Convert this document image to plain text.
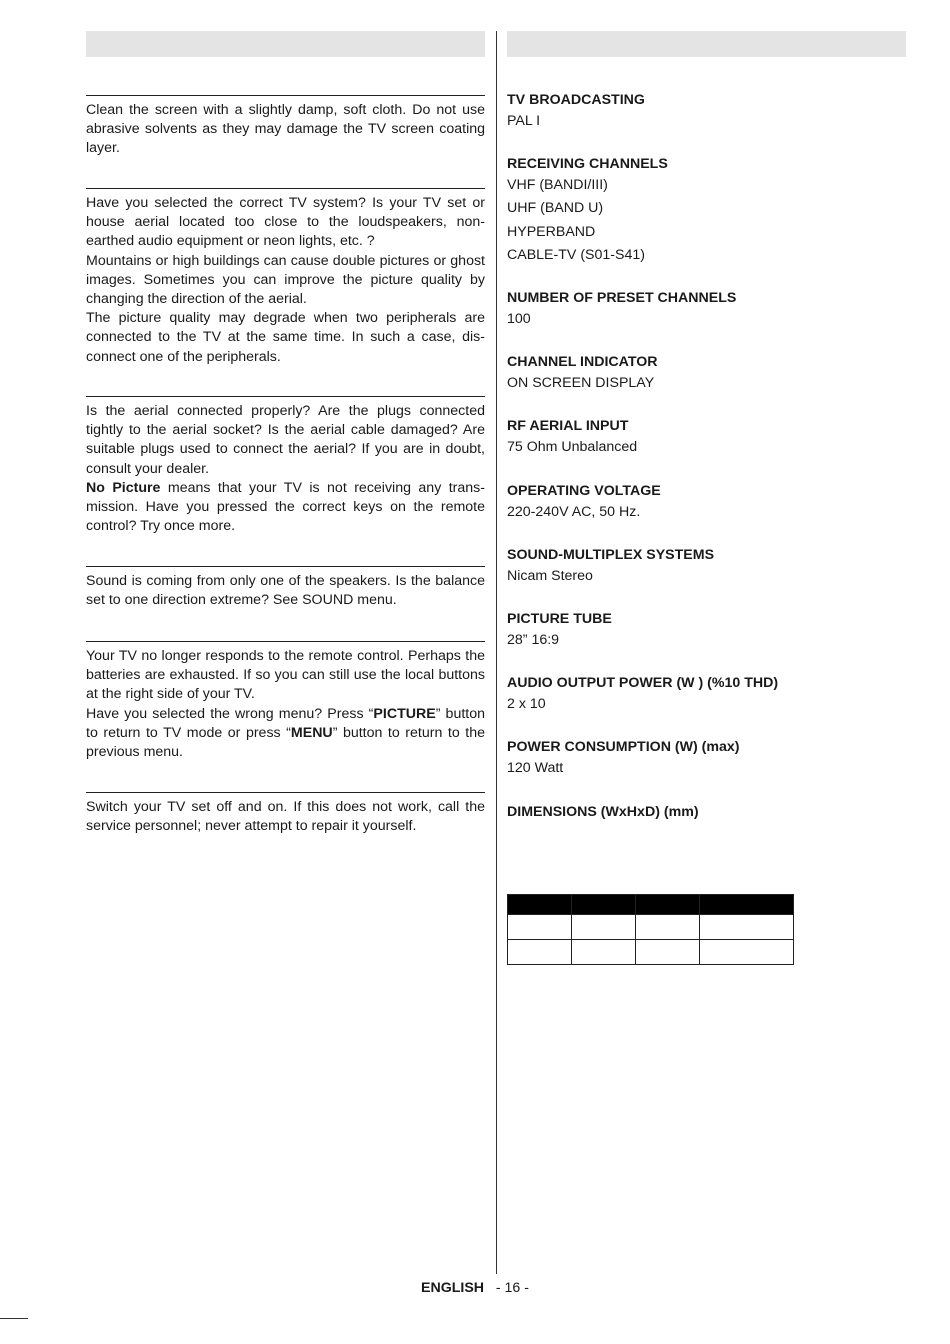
Clean the screen with a slightly damp, soft cloth. Do not use abrasive solvents as they may damage the TV screen coating layer.

Have you selected the correct TV system? Is your TV set or house aerial located too close to the loudspeakers, non-earthed audio equipment or neon lights, etc. ?

Mountains or high buildings can cause double pictures or ghost images. Sometimes you can improve the picture quality by changing the direction of the aerial.

The picture quality may degrade when two peripherals are connected to the TV at the same time. In such a case, disconnect one of the peripherals.

Is the aerial connected properly? Are the plugs connected tightly to the aerial socket? Is the aerial cable damaged? Are suitable plugs used to connect the aerial? If you are in doubt, consult your dealer.

No Picture means that your TV is not receiving any transmission. Have you pressed the correct keys on the remote control? Try once more.

Sound is coming from only one of the speakers. Is the balance set to one direction extreme? See SOUND menu.

Your TV no longer responds to the remote control. Perhaps the batteries are exhausted. If so you can still use the local buttons at the right side of your TV.

Have you selected the wrong menu? Press “PICTURE” button to return to TV mode or press “MENU” button to return to the previous menu.

Switch your TV set off and on. If this does not work, call the service personnel; never attempt to repair it yourself.

TV BROADCASTING
PAL I
RECEIVING CHANNELS
VHF (BANDI/III)
UHF (BAND U)
HYPERBAND
CABLE-TV (S01-S41)
NUMBER OF PRESET CHANNELS
100
CHANNEL INDICATOR
ON SCREEN DISPLAY
RF AERIAL INPUT
75 Ohm Unbalanced
OPERATING VOLTAGE
220-240V AC, 50 Hz.
SOUND-MULTIPLEX SYSTEMS
Nicam Stereo
PICTURE TUBE
28” 16:9
AUDIO OUTPUT POWER (W ) (%10 THD)
2 x 10
POWER CONSUMPTION (W) (max)
120 Watt
DIMENSIONS (WxHxD) (mm)

ENGLISH - 16 -
